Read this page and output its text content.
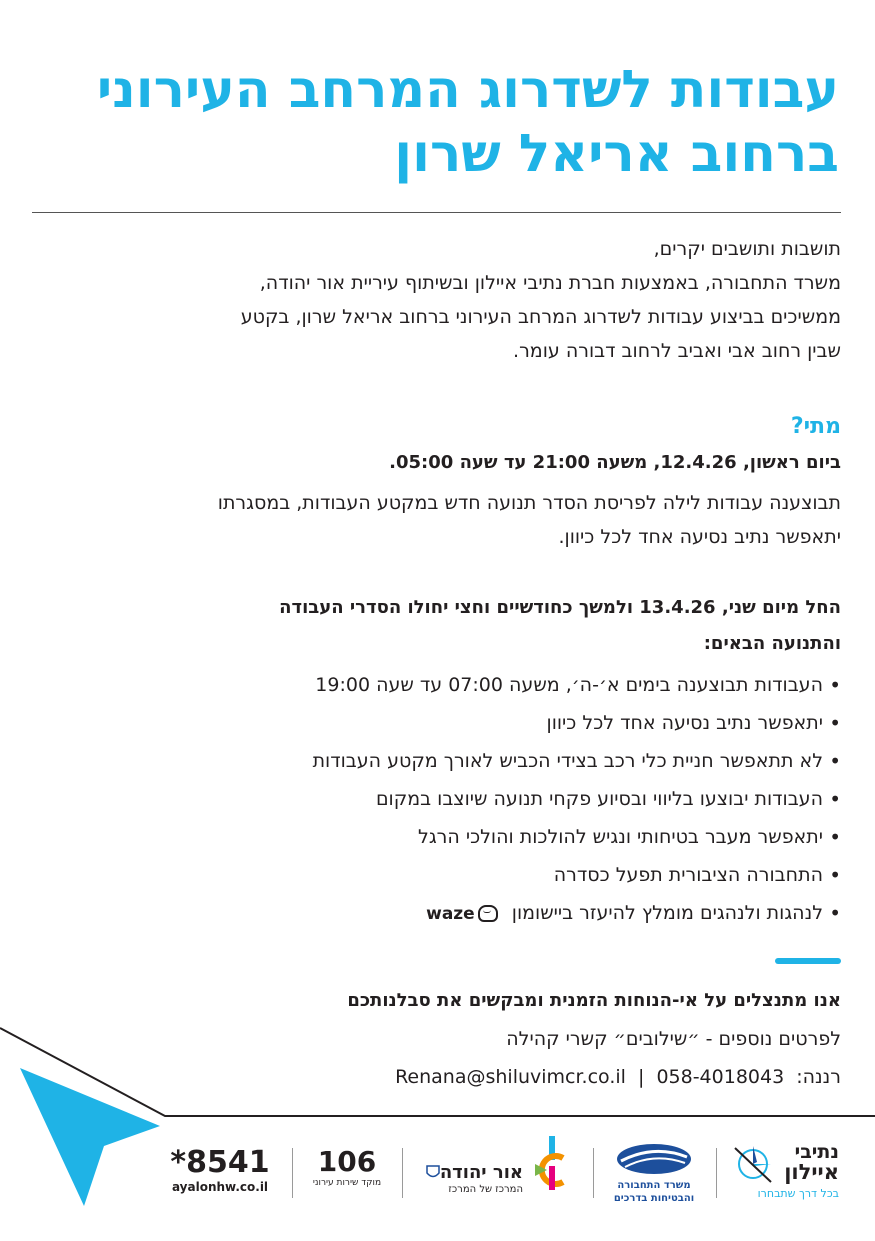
עבודות לשדרוג המרחב העירוני
ברחוב אריאל שרון
תושבות ותושבים יקרים,
משרד התחבורה, באמצעות חברת נתיבי איילון ובשיתוף עיריית אור יהודה,
ממשיכים בביצוע עבודות לשדרוג המרחב העירוני ברחוב אריאל שרון, בקטע
שבין רחוב אבי ואביב לרחוב דבורה עומר.
מתי?

ביום ראשון, 12.4.26, משעה 21:00 עד שעה 05:00.

תבוצענה עבודות לילה לפריסת הסדר תנועה חדש במקטע העבודות, במסגרתו
יתאפשר נתיב נסיעה אחד לכל כיוון.
החל מיום שני, 13.4.26 ולמשך כחודשיים וחצי יחולו הסדרי העבודה
והתנועה הבאים:
• העבודות תבוצענה בימים א׳-ה׳, משעה 07:00 עד שעה 19:00
• יתאפשר נתיב נסיעה אחד לכל כיוון
• לא תתאפשר חניית כלי רכב בצידי הכביש לאורך מקטע העבודות
• העבודות יבוצעו בליווי ובסיוע פקחי תנועה שיוצבו במקום
• יתאפשר מעבר בטיחותי ונגיש להולכות והולכי הרגל
• התחבורה הציבורית תפעל כסדרה
• לנהגות ולנהגים מומלץ להיעזר ביישומון
waze

אנו מתנצלים על אי-הנוחות הזמנית ומבקשים את סבלנותכם

לפרטים נוספים - ״שילובים״ קשרי קהילה

רננה: 058-4018043 | Renana@shiluvimcr.co.il

נתיבי
איילון
בכל דרך שתבחרו
משרד התחבורה
והבטיחות בדרכים
אור יהודה
המרכז של המרכז
106
מוקד שירות עירוני
*8541
ayalonhw.co.il
